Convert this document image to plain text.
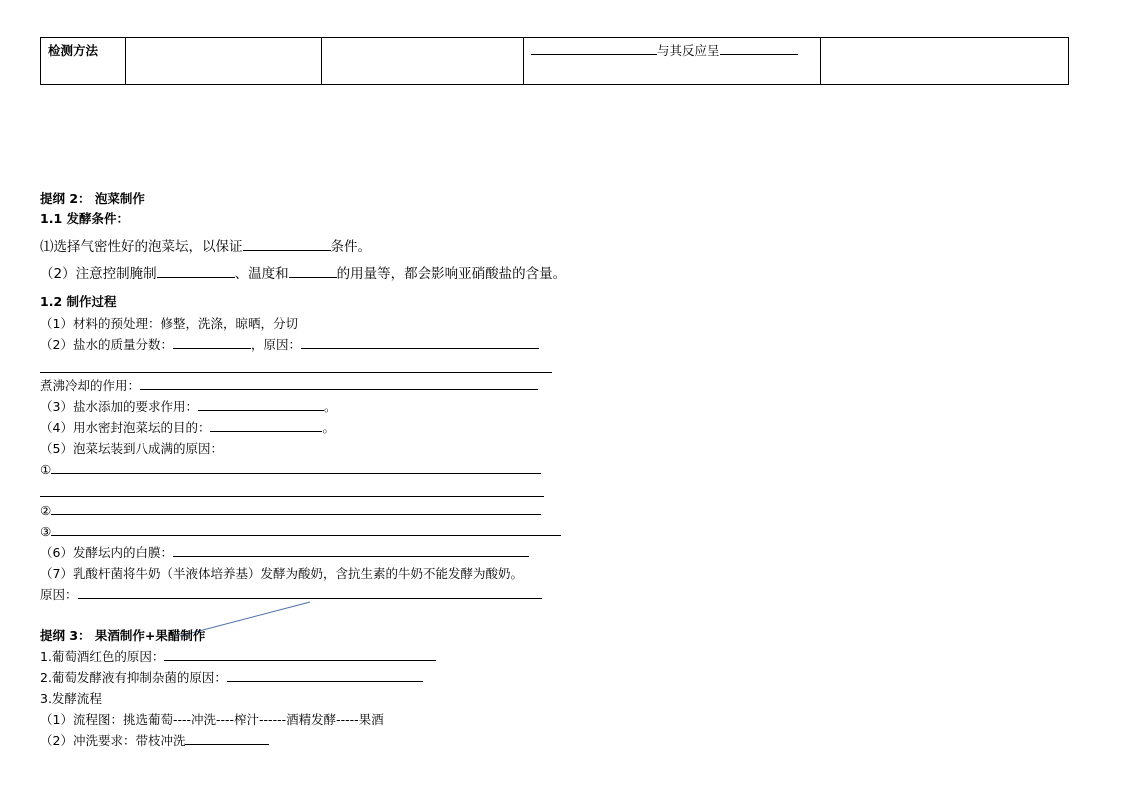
检测方法			与其反应呈	
提纲 2： 泡菜制作
1.1 发酵条件：
⑴选择气密性好的泡菜坛，以保证	条件。
（2）注意控制腌制	、温度和	的用量等，都会影响亚硝酸盐的含量。
1.2 制作过程
（1）材料的预处理：修整，洗涤，晾晒，分切
（2）盐水的质量分数：	，原因：
煮沸冷却的作用：
（3）盐水添加的要求作用：	。
（4）用水密封泡菜坛的目的：	。
（5）泡菜坛装到八成满的原因：
①
②
③
（6）发酵坛内的白膜：
（7）乳酸杆菌将牛奶（半液体培养基）发酵为酸奶，含抗生素的牛奶不能发酵为酸奶。
原因：
提纲 3： 果酒制作+果醋制作
1.葡萄酒红色的原因：
2.葡萄发酵液有抑制杂菌的原因：
3.发酵流程
（1）流程图：挑选葡萄----冲洗----榨汁------酒精发酵-----果酒
（2）冲洗要求：带枝冲洗
